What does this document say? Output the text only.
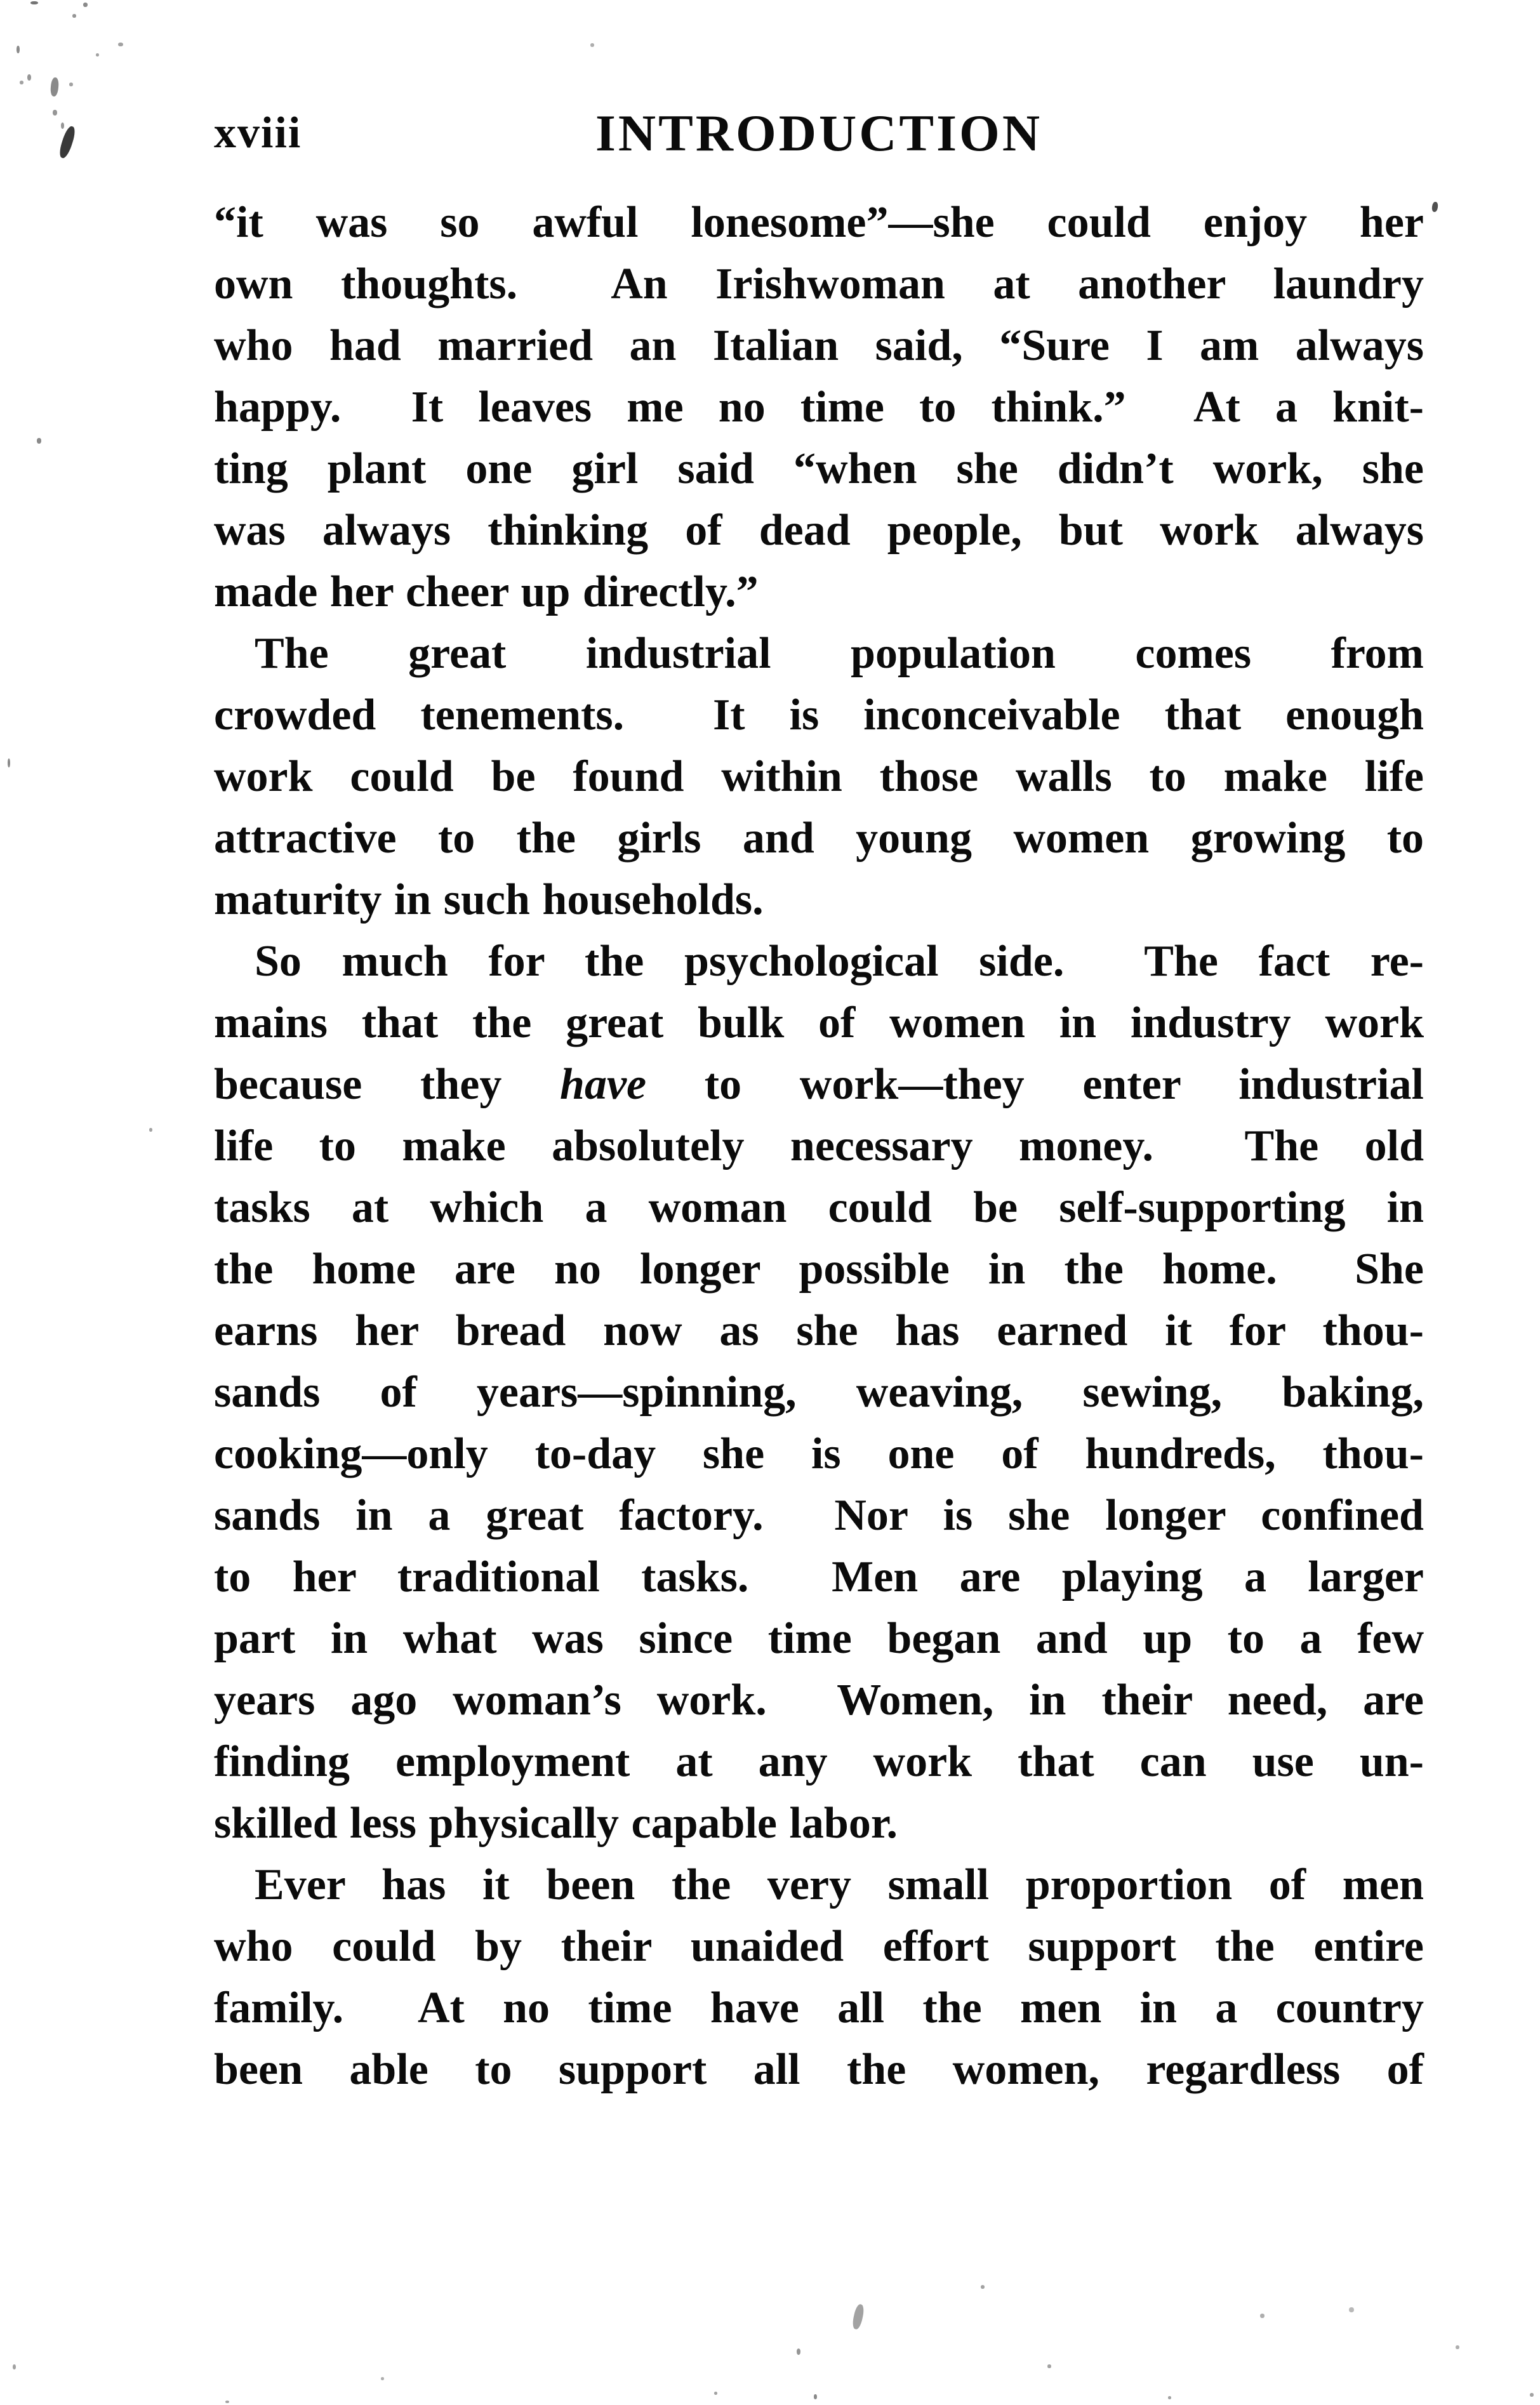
xviii	INTRODUCTION
“it was so awful lonesome”—she could enjoy her
own thoughts.  An Irishwoman at another laundry
who had married an Italian said, “Sure I am always
happy.  It leaves me no time to think.”  At a knit-
ting plant one girl said “when she didn’t work, she
was always thinking of dead people, but work always
made her cheer up directly.”
The great industrial population comes from
crowded tenements.  It is inconceivable that enough
work could be found within those walls to make life
attractive to the girls and young women growing to
maturity in such households.
So much for the psychological side.  The fact re-
mains that the great bulk of women in industry work
because they have to work—they enter industrial
life to make absolutely necessary money.  The old
tasks at which a woman could be self-supporting in
the home are no longer possible in the home.  She
earns her bread now as she has earned it for thou-
sands of years—spinning, weaving, sewing, baking,
cooking—only to-day she is one of hundreds, thou-
sands in a great factory.  Nor is she longer confined
to her traditional tasks.  Men are playing a larger
part in what was since time began and up to a few
years ago woman’s work.  Women, in their need, are
finding employment at any work that can use un-
skilled less physically capable labor.
Ever has it been the very small proportion of men
who could by their unaided effort support the entire
family.  At no time have all the men in a country
been able to support all the women, regardless of
